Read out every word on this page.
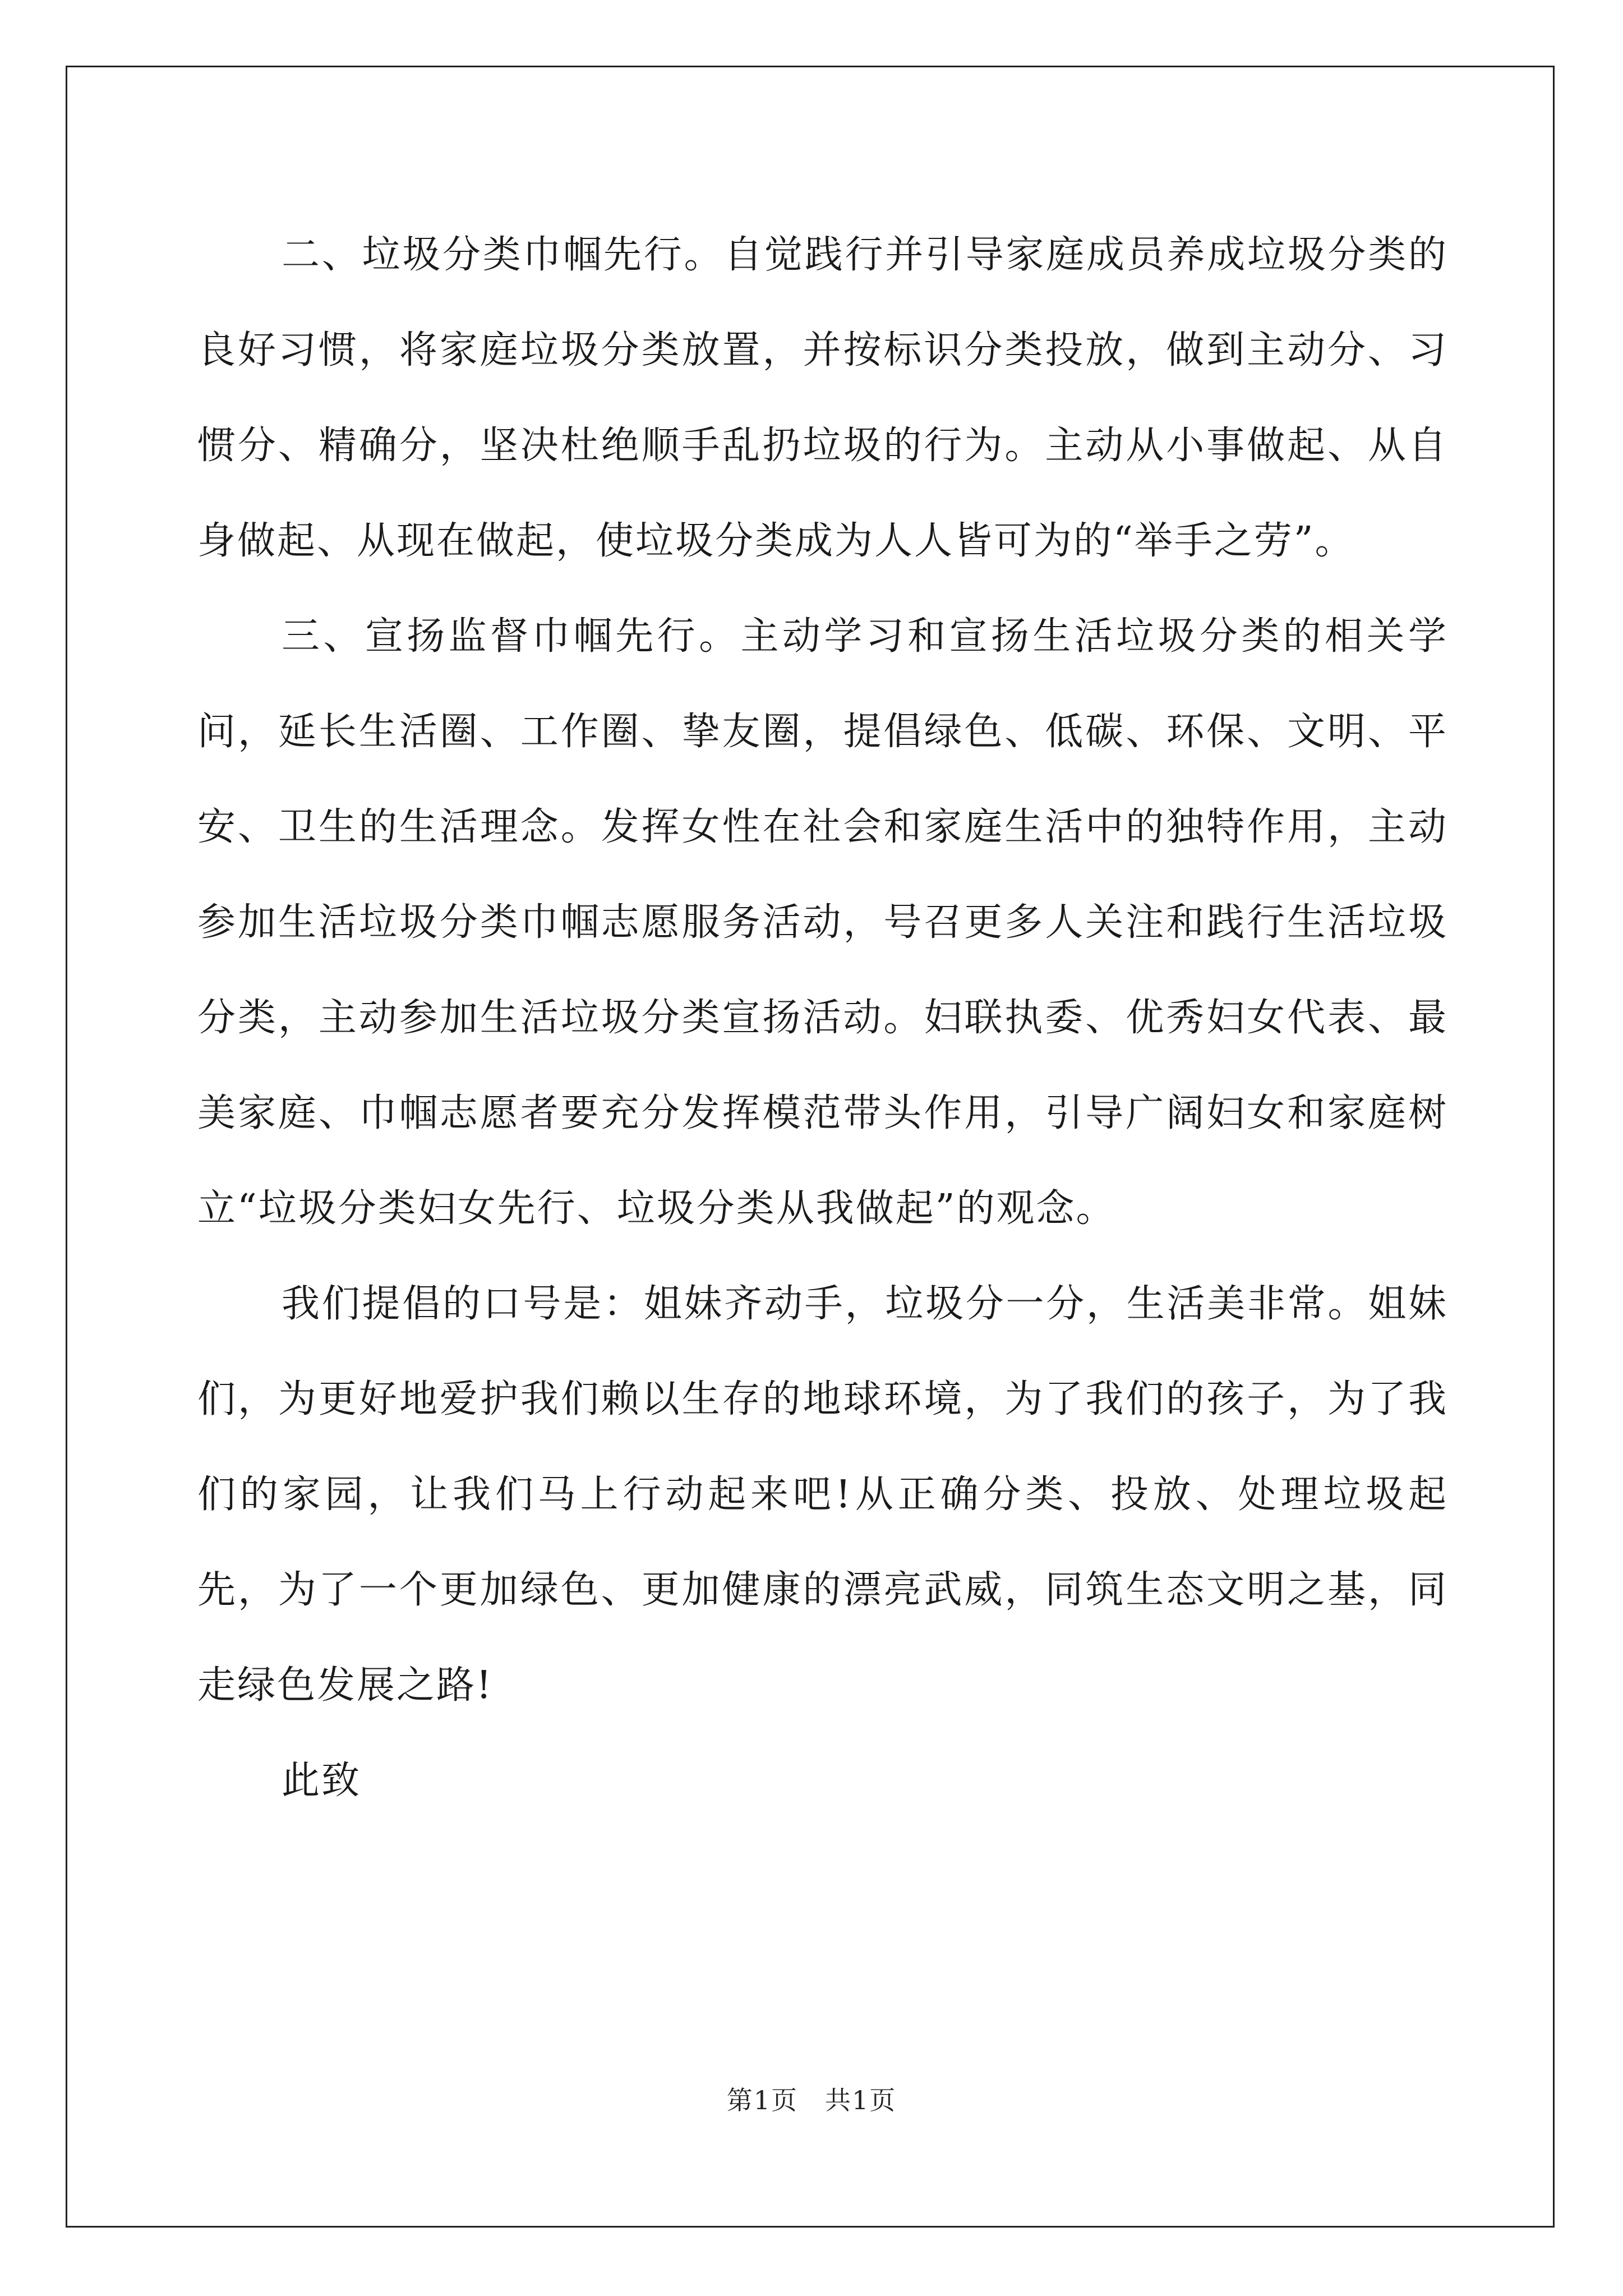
二、垃圾分类巾帼先行。自觉践行并引导家庭成员养成垃圾分类的良好习惯，将家庭垃圾分类放置，并按标识分类投放，做到主动分、习惯分、精确分，坚决杜绝顺手乱扔垃圾的行为。主动从小事做起、从自身做起、从现在做起，使垃圾分类成为人人皆可为的“举手之劳”。

三、宣扬监督巾帼先行。主动学习和宣扬生活垃圾分类的相关学问，延长生活圈、工作圈、挚友圈，提倡绿色、低碳、环保、文明、平安、卫生的生活理念。发挥女性在社会和家庭生活中的独特作用，主动参加生活垃圾分类巾帼志愿服务活动，号召更多人关注和践行生活垃圾分类，主动参加生活垃圾分类宣扬活动。妇联执委、优秀妇女代表、最美家庭、巾帼志愿者要充分发挥模范带头作用，引导广阔妇女和家庭树立“垃圾分类妇女先行、垃圾分类从我做起”的观念。

我们提倡的口号是：姐妹齐动手，垃圾分一分，生活美非常。姐妹们，为更好地爱护我们赖以生存的地球环境，为了我们的孩子，为了我们的家园，让我们马上行动起来吧!从正确分类、投放、处理垃圾起先，为了一个更加绿色、更加健康的漂亮武威，同筑生态文明之基，同走绿色发展之路!

此致

第1页　共1页
